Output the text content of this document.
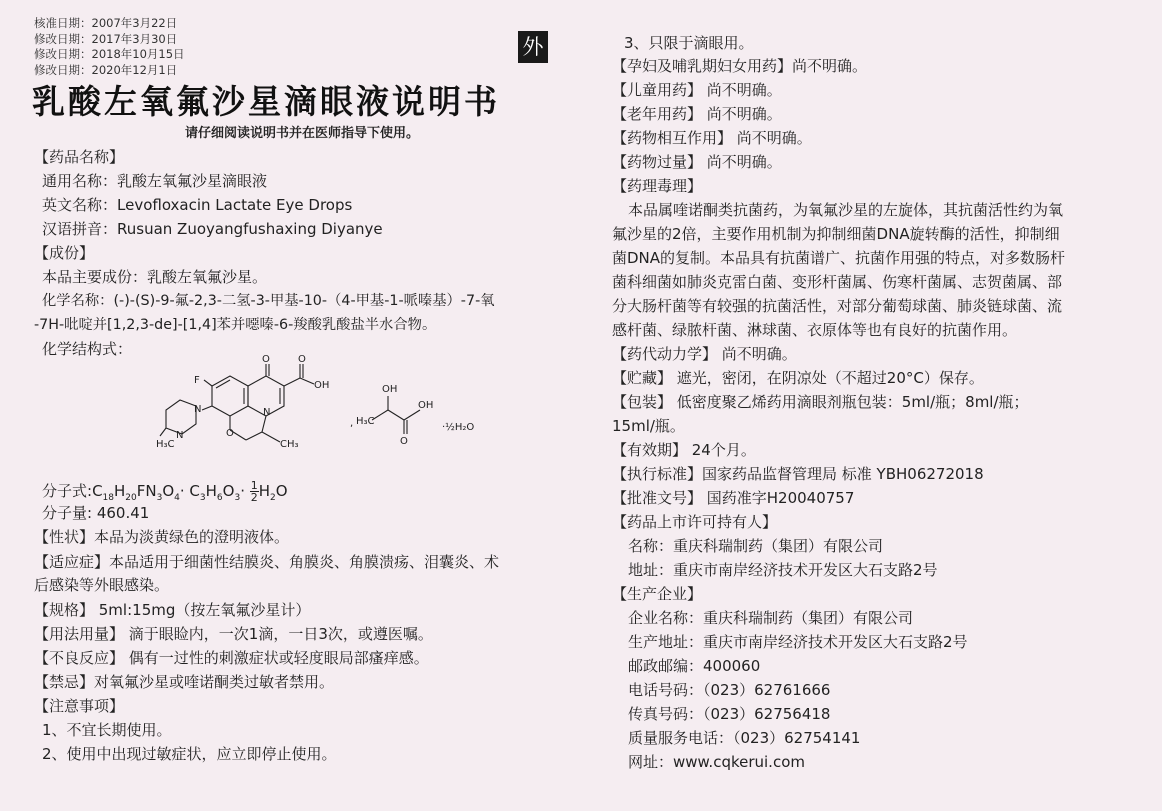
核准日期：2007年3月22日
修改日期：2017年3月30日
修改日期：2018年10月15日
修改日期：2020年12月1日
外
乳酸左氧氟沙星滴眼液说明书
请仔细阅读说明书并在医师指导下使用。
【药品名称】
通用名称：乳酸左氧氟沙星滴眼液
英文名称：Levofloxacin Lactate Eye Drops
汉语拼音：Rusuan Zuoyangfushaxing Diyanye
【成份】
本品主要成份：乳酸左氧氟沙星。
化学名称：(-)-(S)-9-氟-2,3-二氢-3-甲基-10-（4-甲基-1-哌嗪基）-7-氧
-7H-吡啶并[1,2,3-de]-[1,4]苯并噁嗪-6-羧酸乳酸盐半水合物。
化学结构式：
F
N
O	O
OH
N
O
CH₃
H₃C
N
, H₃C
OH
OH
O
·½H₂O
分子式$:C_{18}H_{20}FN_3O_4\cdot C_3H_6O_3\cdot \frac{1}{2} H_2O$
分子量: 460.41
【性状】本品为淡黄绿色的澄明液体。
【适应症】本品适用于细菌性结膜炎、角膜炎、角膜溃疡、泪囊炎、术
后感染等外眼感染。
【规格】 5ml:15mg（按左氧氟沙星计）
【用法用量】 滴于眼睑内，一次1滴，一日3次，或遵医嘱。
【不良反应】 偶有一过性的刺激症状或轻度眼局部瘙痒感。
【禁忌】对氧氟沙星或喹诺酮类过敏者禁用。
【注意事项】
1、不宜长期使用。
2、使用中出现过敏症状，应立即停止使用。
3、只限于滴眼用。
【孕妇及哺乳期妇女用药】尚不明确。
【儿童用药】 尚不明确。
【老年用药】 尚不明确。
【药物相互作用】 尚不明确。
【药物过量】 尚不明确。
【药理毒理】
本品属喹诺酮类抗菌药，为氧氟沙星的左旋体，其抗菌活性约为氧
氟沙星的2倍，主要作用机制为抑制细菌DNA旋转酶的活性，抑制细
菌DNA的复制。本品具有抗菌谱广、抗菌作用强的特点，对多数肠杆
菌科细菌如肺炎克雷白菌、变形杆菌属、伤寒杆菌属、志贺菌属、部
分大肠杆菌等有较强的抗菌活性，对部分葡萄球菌、肺炎链球菌、流
感杆菌、绿脓杆菌、淋球菌、衣原体等也有良好的抗菌作用。
【药代动力学】 尚不明确。
【贮藏】 遮光，密闭，在阴凉处（不超过20°C）保存。
【包装】 低密度聚乙烯药用滴眼剂瓶包装：5ml/瓶；8ml/瓶；
15ml/瓶。
【有效期】 24个月。
【执行标准】国家药品监督管理局 标准 YBH06272018
【批准文号】 国药准字H20040757
【药品上市许可持有人】
名称：重庆科瑞制药（集团）有限公司
地址：重庆市南岸经济技术开发区大石支路2号
【生产企业】
企业名称：重庆科瑞制药（集团）有限公司
生产地址：重庆市南岸经济技术开发区大石支路2号
邮政邮编：400060
电话号码：（023）62761666
传真号码：（023）62756418
质量服务电话：（023）62754141
网址：www.cqkerui.com
